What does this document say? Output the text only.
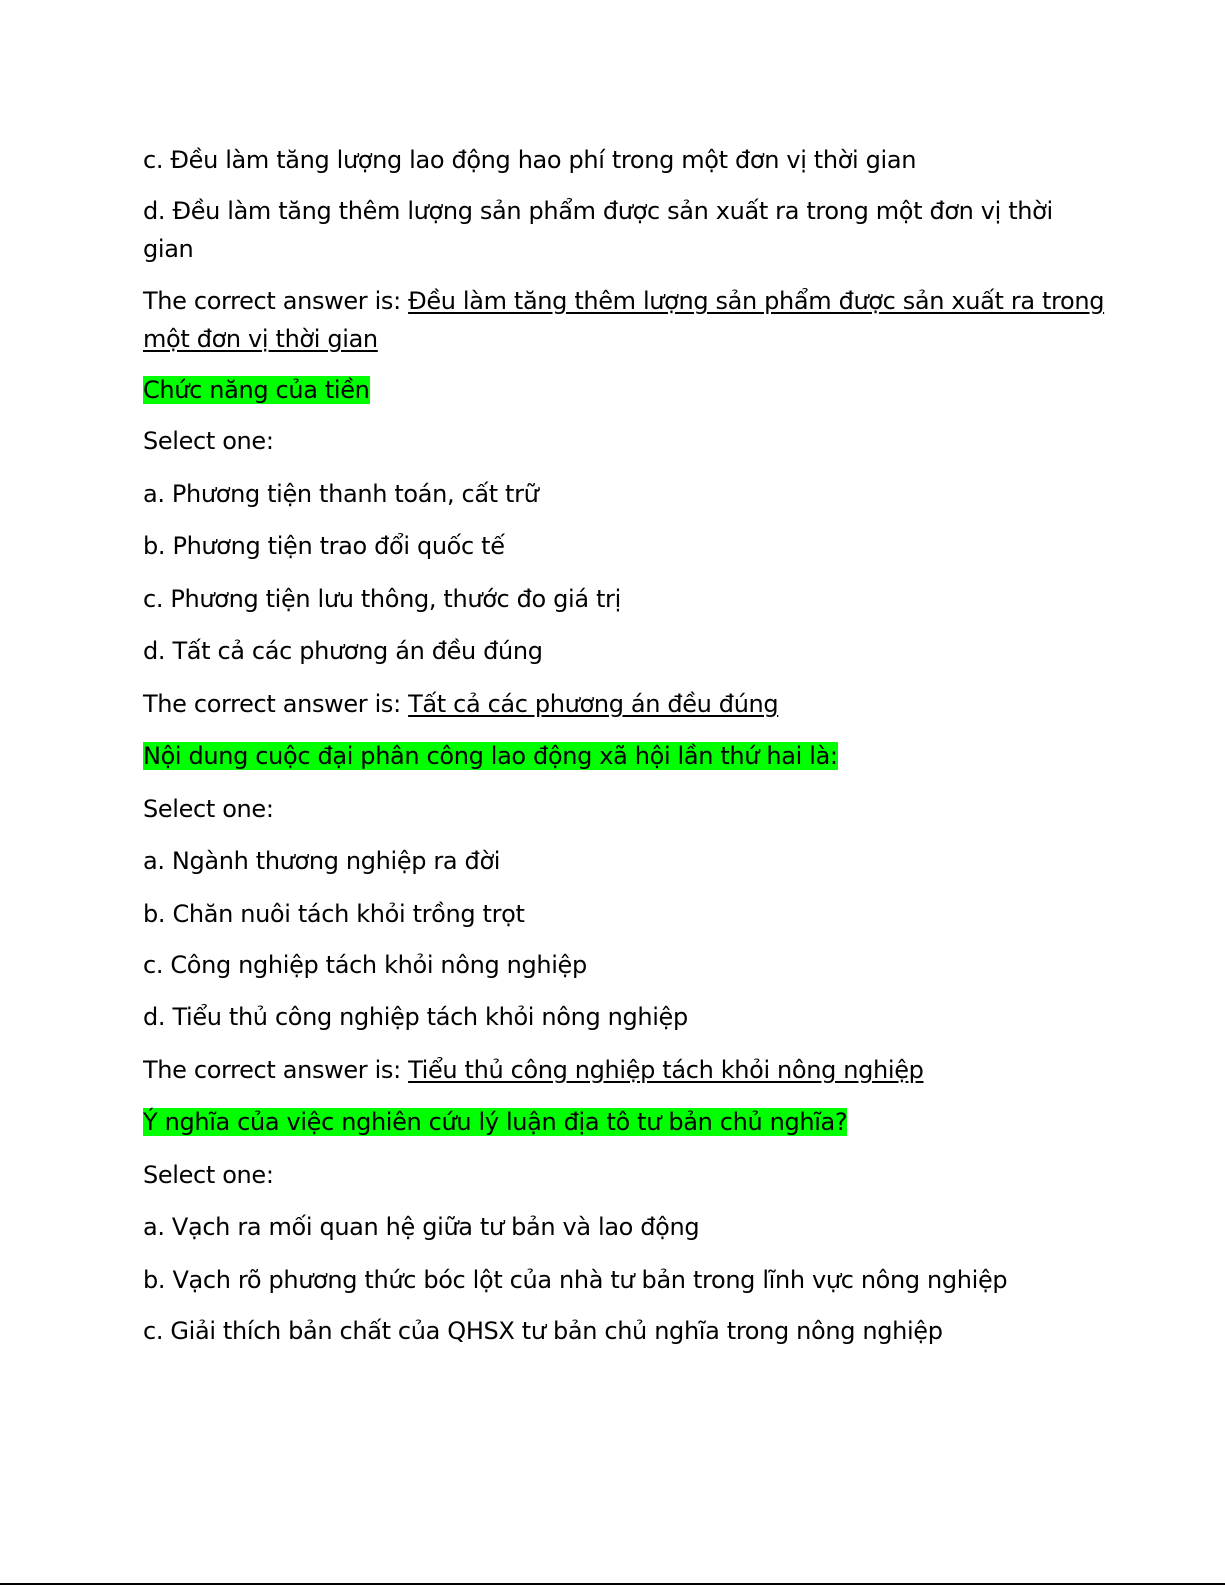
c. Đều làm tăng lượng lao động hao phí trong một đơn vị thời gian
d. Đều làm tăng thêm lượng sản phẩm được sản xuất ra trong một đơn vị thời
gian
The correct answer is: Đều làm tăng thêm lượng sản phẩm được sản xuất ra trong
một đơn vị thời gian
Chức năng của tiền
Select one:
a. Phương tiện thanh toán, cất trữ
b. Phương tiện trao đổi quốc tế
c. Phương tiện lưu thông, thước đo giá trị
d. Tất cả các phương án đều đúng
The correct answer is: Tất cả các phương án đều đúng
Nội dung cuộc đại phân công lao động xã hội lần thứ hai là:
Select one:
a. Ngành thương nghiệp ra đời
b. Chăn nuôi tách khỏi trồng trọt
c. Công nghiệp tách khỏi nông nghiệp
d. Tiểu thủ công nghiệp tách khỏi nông nghiệp
The correct answer is: Tiểu thủ công nghiệp tách khỏi nông nghiệp
Ý nghĩa của việc nghiên cứu lý luận địa tô tư bản chủ nghĩa?
Select one:
a. Vạch ra mối quan hệ giữa tư bản và lao động
b. Vạch rõ phương thức bóc lột của nhà tư bản trong lĩnh vực nông nghiệp
c. Giải thích bản chất của QHSX tư bản chủ nghĩa trong nông nghiệp
